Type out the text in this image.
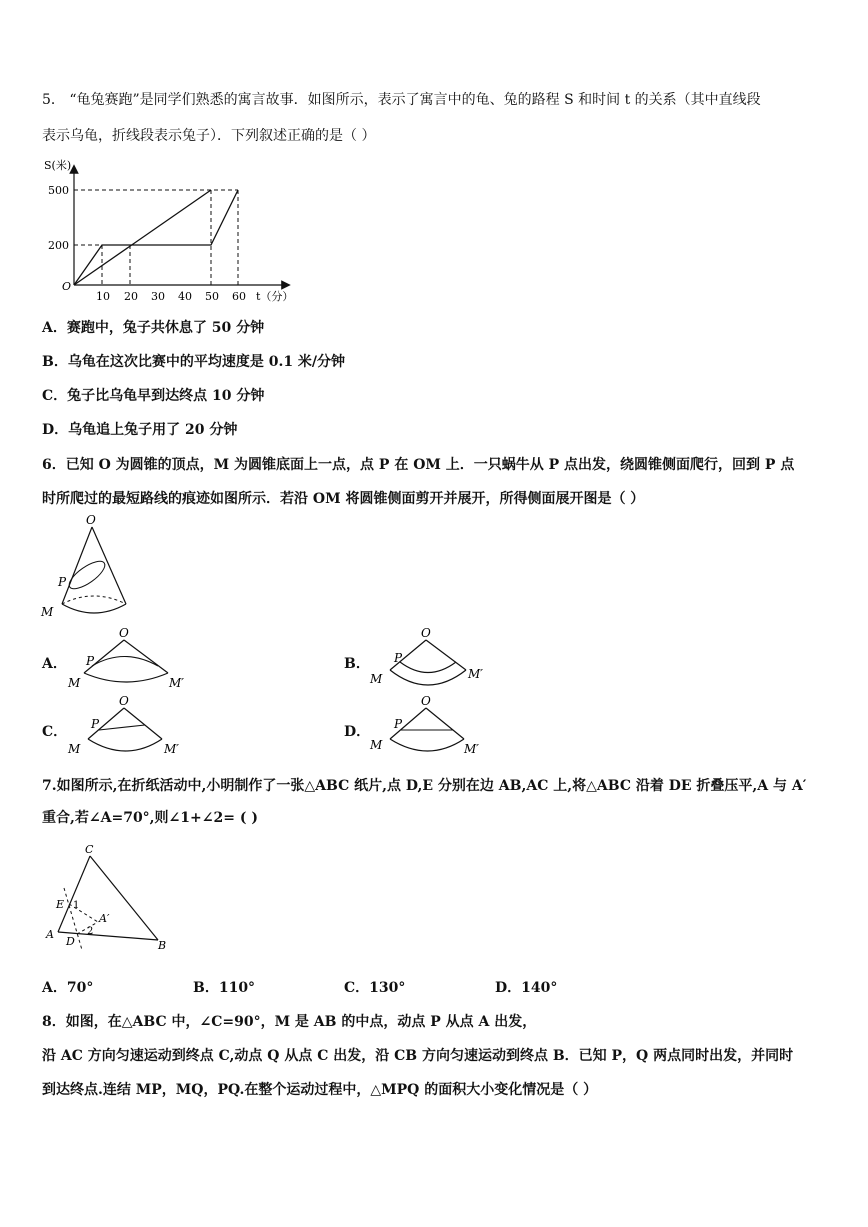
5． “龟兔赛跑”是同学们熟悉的寓言故事．如图所示，表示了寓言中的龟、兔的路程 S 和时间 t 的关系（其中直线段
表示乌龟，折线段表示兔子）．下列叙述正确的是（ ）
S(米)
t（分）
O
500
200
10 20 30 40 50 60
A．赛跑中，兔子共休息了 50 分钟
B．乌龟在这次比赛中的平均速度是 0.1 米/分钟
C．兔子比乌龟早到达终点 10 分钟
D．乌龟追上兔子用了 20 分钟
6．已知 O 为圆锥的顶点，M 为圆锥底面上一点，点 P 在 OM 上．一只蜗牛从 P 点出发，绕圆锥侧面爬行，回到 P 点
时所爬过的最短路线的痕迹如图所示．若沿 OM 将圆锥侧面剪开并展开，所得侧面展开图是（ ）
O
P
M
A．
O
P
M	M′
B．
O
P
M	M′
C．
O
P
M	M′
D．
O
P
M	M′
7.如图所示,在折纸活动中,小明制作了一张△ABC 纸片,点 D,E 分别在边 AB,AC 上,将△ABC 沿着 DE 折叠压平,A 与 A′
重合,若∠A=70°,则∠1+∠2= ( )
C
E 1
A′
A
D
2
B
A．70°	B．110°	C．130°	D．140°
8．如图，在△ABC 中，∠C=90°，M 是 AB 的中点，动点 P 从点 A 出发，
沿 AC 方向匀速运动到终点 C,动点 Q 从点 C 出发，沿 CB 方向匀速运动到终点 B．已知 P，Q 两点同时出发，并同时
到达终点.连结 MP，MQ，PQ.在整个运动过程中，△MPQ 的面积大小变化情况是（ ）
